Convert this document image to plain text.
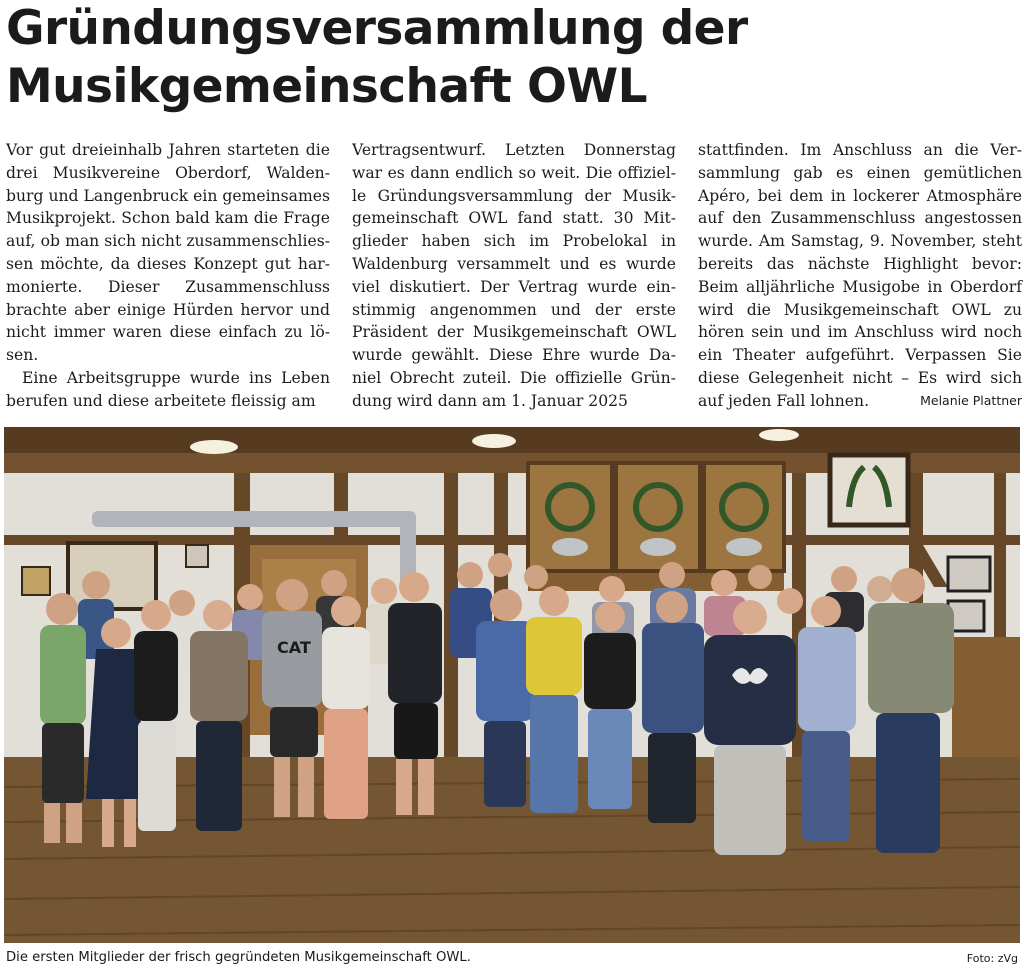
Gründungsversammlung der
Musikgemeinschaft OWL

Vor gut dreieinhalb Jahren starteten die drei Musikvereine Oberdorf, Walden-burg und Langenbruck ein gemeinsames Musikprojekt. Schon bald kam die Frage auf, ob man sich nicht zusammenschlies-sen möchte, da dieses Konzept gut har-monierte. Dieser Zusammenschluss brachte aber einige Hürden hervor und nicht immer waren diese einfach zu lö-sen.

Eine Arbeitsgruppe wurde ins Leben berufen und diese arbeitete fleissig am

Vertragsentwurf. Letzten Donnerstag war es dann endlich so weit. Die offiziel-le Gründungsversammlung der Musik-gemeinschaft OWL fand statt. 30 Mit-glieder haben sich im Probelokal in Waldenburg versammelt und es wurde viel diskutiert. Der Vertrag wurde ein-stimmig angenommen und der erste Präsident der Musikgemeinschaft OWL wurde gewählt. Diese Ehre wurde Da-niel Obrecht zuteil. Die offizielle Grün-dung wird dann am 1. Januar 2025

stattfinden. Im Anschluss an die Ver-sammlung gab es einen gemütlichen Apéro, bei dem in lockerer Atmosphäre auf den Zusammenschluss angestossen wurde. Am Samstag, 9. November, steht bereits das nächste Highlight bevor: Beim alljährliche Musigobe in Oberdorf wird die Musikgemeinschaft OWL zu hören sein und im Anschluss wird noch ein Theater aufgeführt. Verpassen Sie diese Gelegenheit nicht – Es wird sich auf jeden Fall lohnen.	Melanie Plattner

CAT
Die ersten Mitglieder der frisch gegründeten Musikgemeinschaft OWL.	Foto: zVg
